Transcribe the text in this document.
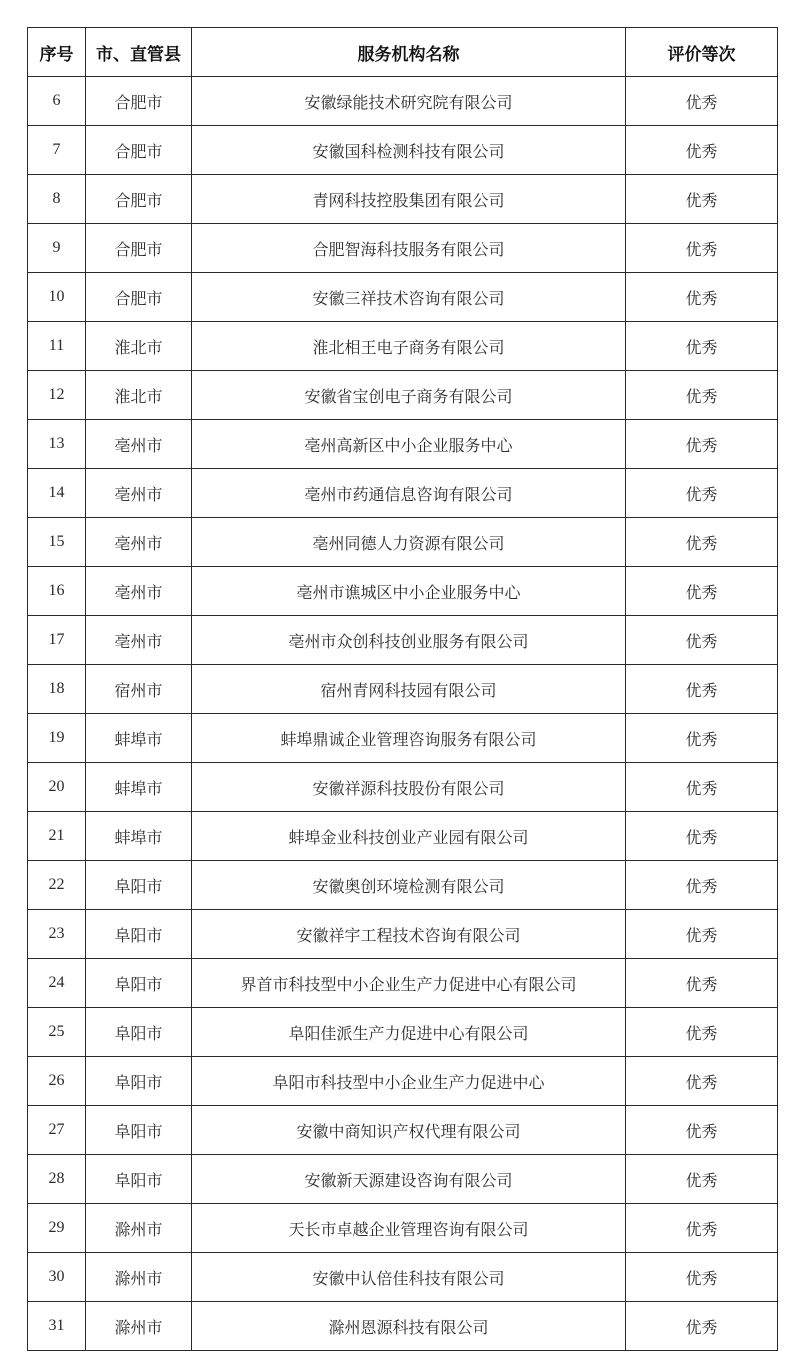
序号	市、直管县	服务机构名称	评价等次
6	合肥市	安徽绿能技术研究院有限公司	优秀
7	合肥市	安徽国科检测科技有限公司	优秀
8	合肥市	青网科技控股集团有限公司	优秀
9	合肥市	合肥智海科技服务有限公司	优秀
10	合肥市	安徽三祥技术咨询有限公司	优秀
11	淮北市	淮北相王电子商务有限公司	优秀
12	淮北市	安徽省宝创电子商务有限公司	优秀
13	亳州市	亳州高新区中小企业服务中心	优秀
14	亳州市	亳州市药通信息咨询有限公司	优秀
15	亳州市	亳州同德人力资源有限公司	优秀
16	亳州市	亳州市谯城区中小企业服务中心	优秀
17	亳州市	亳州市众创科技创业服务有限公司	优秀
18	宿州市	宿州青网科技园有限公司	优秀
19	蚌埠市	蚌埠鼎诚企业管理咨询服务有限公司	优秀
20	蚌埠市	安徽祥源科技股份有限公司	优秀
21	蚌埠市	蚌埠金业科技创业产业园有限公司	优秀
22	阜阳市	安徽奥创环境检测有限公司	优秀
23	阜阳市	安徽祥宇工程技术咨询有限公司	优秀
24	阜阳市	界首市科技型中小企业生产力促进中心有限公司	优秀
25	阜阳市	阜阳佳派生产力促进中心有限公司	优秀
26	阜阳市	阜阳市科技型中小企业生产力促进中心	优秀
27	阜阳市	安徽中商知识产权代理有限公司	优秀
28	阜阳市	安徽新天源建设咨询有限公司	优秀
29	滁州市	天长市卓越企业管理咨询有限公司	优秀
30	滁州市	安徽中认倍佳科技有限公司	优秀
31	滁州市	滁州恩源科技有限公司	优秀
